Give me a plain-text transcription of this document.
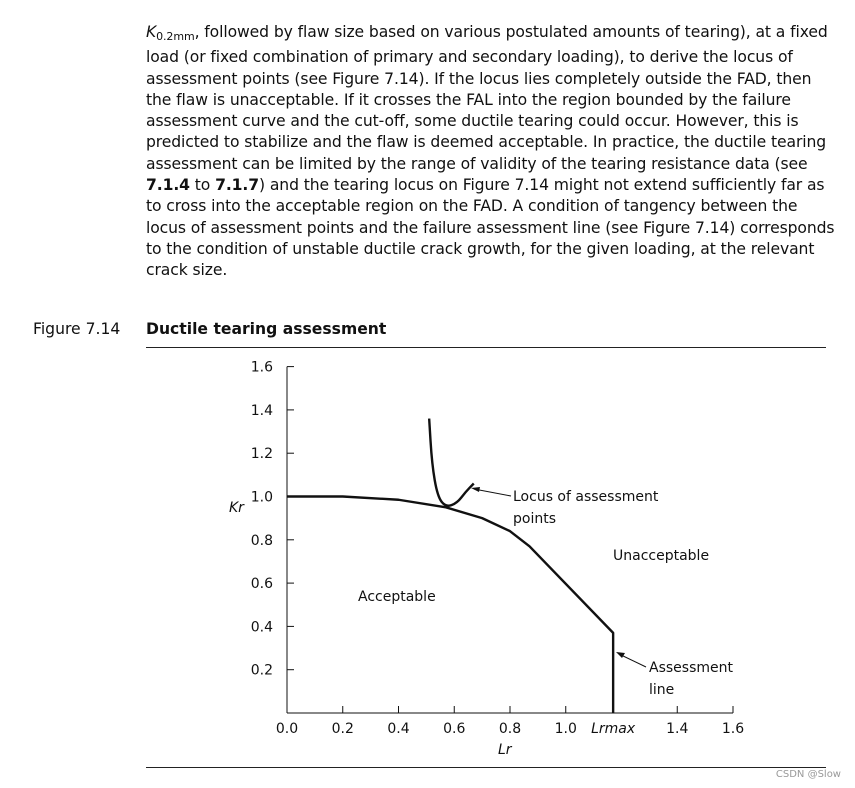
$K_{0.2mm}$, followed by flaw size based on various postulated amounts of tearing), at a fixed load (or fixed combination of primary and secondary loading), to derive the locus of assessment points (see Figure 7.14). If the locus lies completely outside the FAD, then the flaw is unacceptable. If it crosses the FAL into the region bounded by the failure assessment curve and the cut-off, some ductile tearing could occur. However, this is predicted to stabilize and the flaw is deemed acceptable. In practice, the ductile tearing assessment can be limited by the range of validity of the tearing resistance data (see 7.1.4 to 7.1.7) and the tearing locus on Figure 7.14 might not extend sufficiently far as to cross into the acceptable region on the FAD. A condition of tangency between the locus of assessment points and the failure assessment line (see Figure 7.14) corresponds to the condition of unstable ductile crack growth, for the given loading, at the relevant crack size.
Figure 7.14 Ductile tearing assessment
0.0 0.2 0.4 0.6 0.8 1.0 Lrmax 1.4 1.6
0.2
0.4
0.6
0.8
1.0
1.2
1.4
1.6
Kr
Lr
Acceptable
Unacceptable
Locus of assessment
points
Assessment
line
CSDN @Slow
